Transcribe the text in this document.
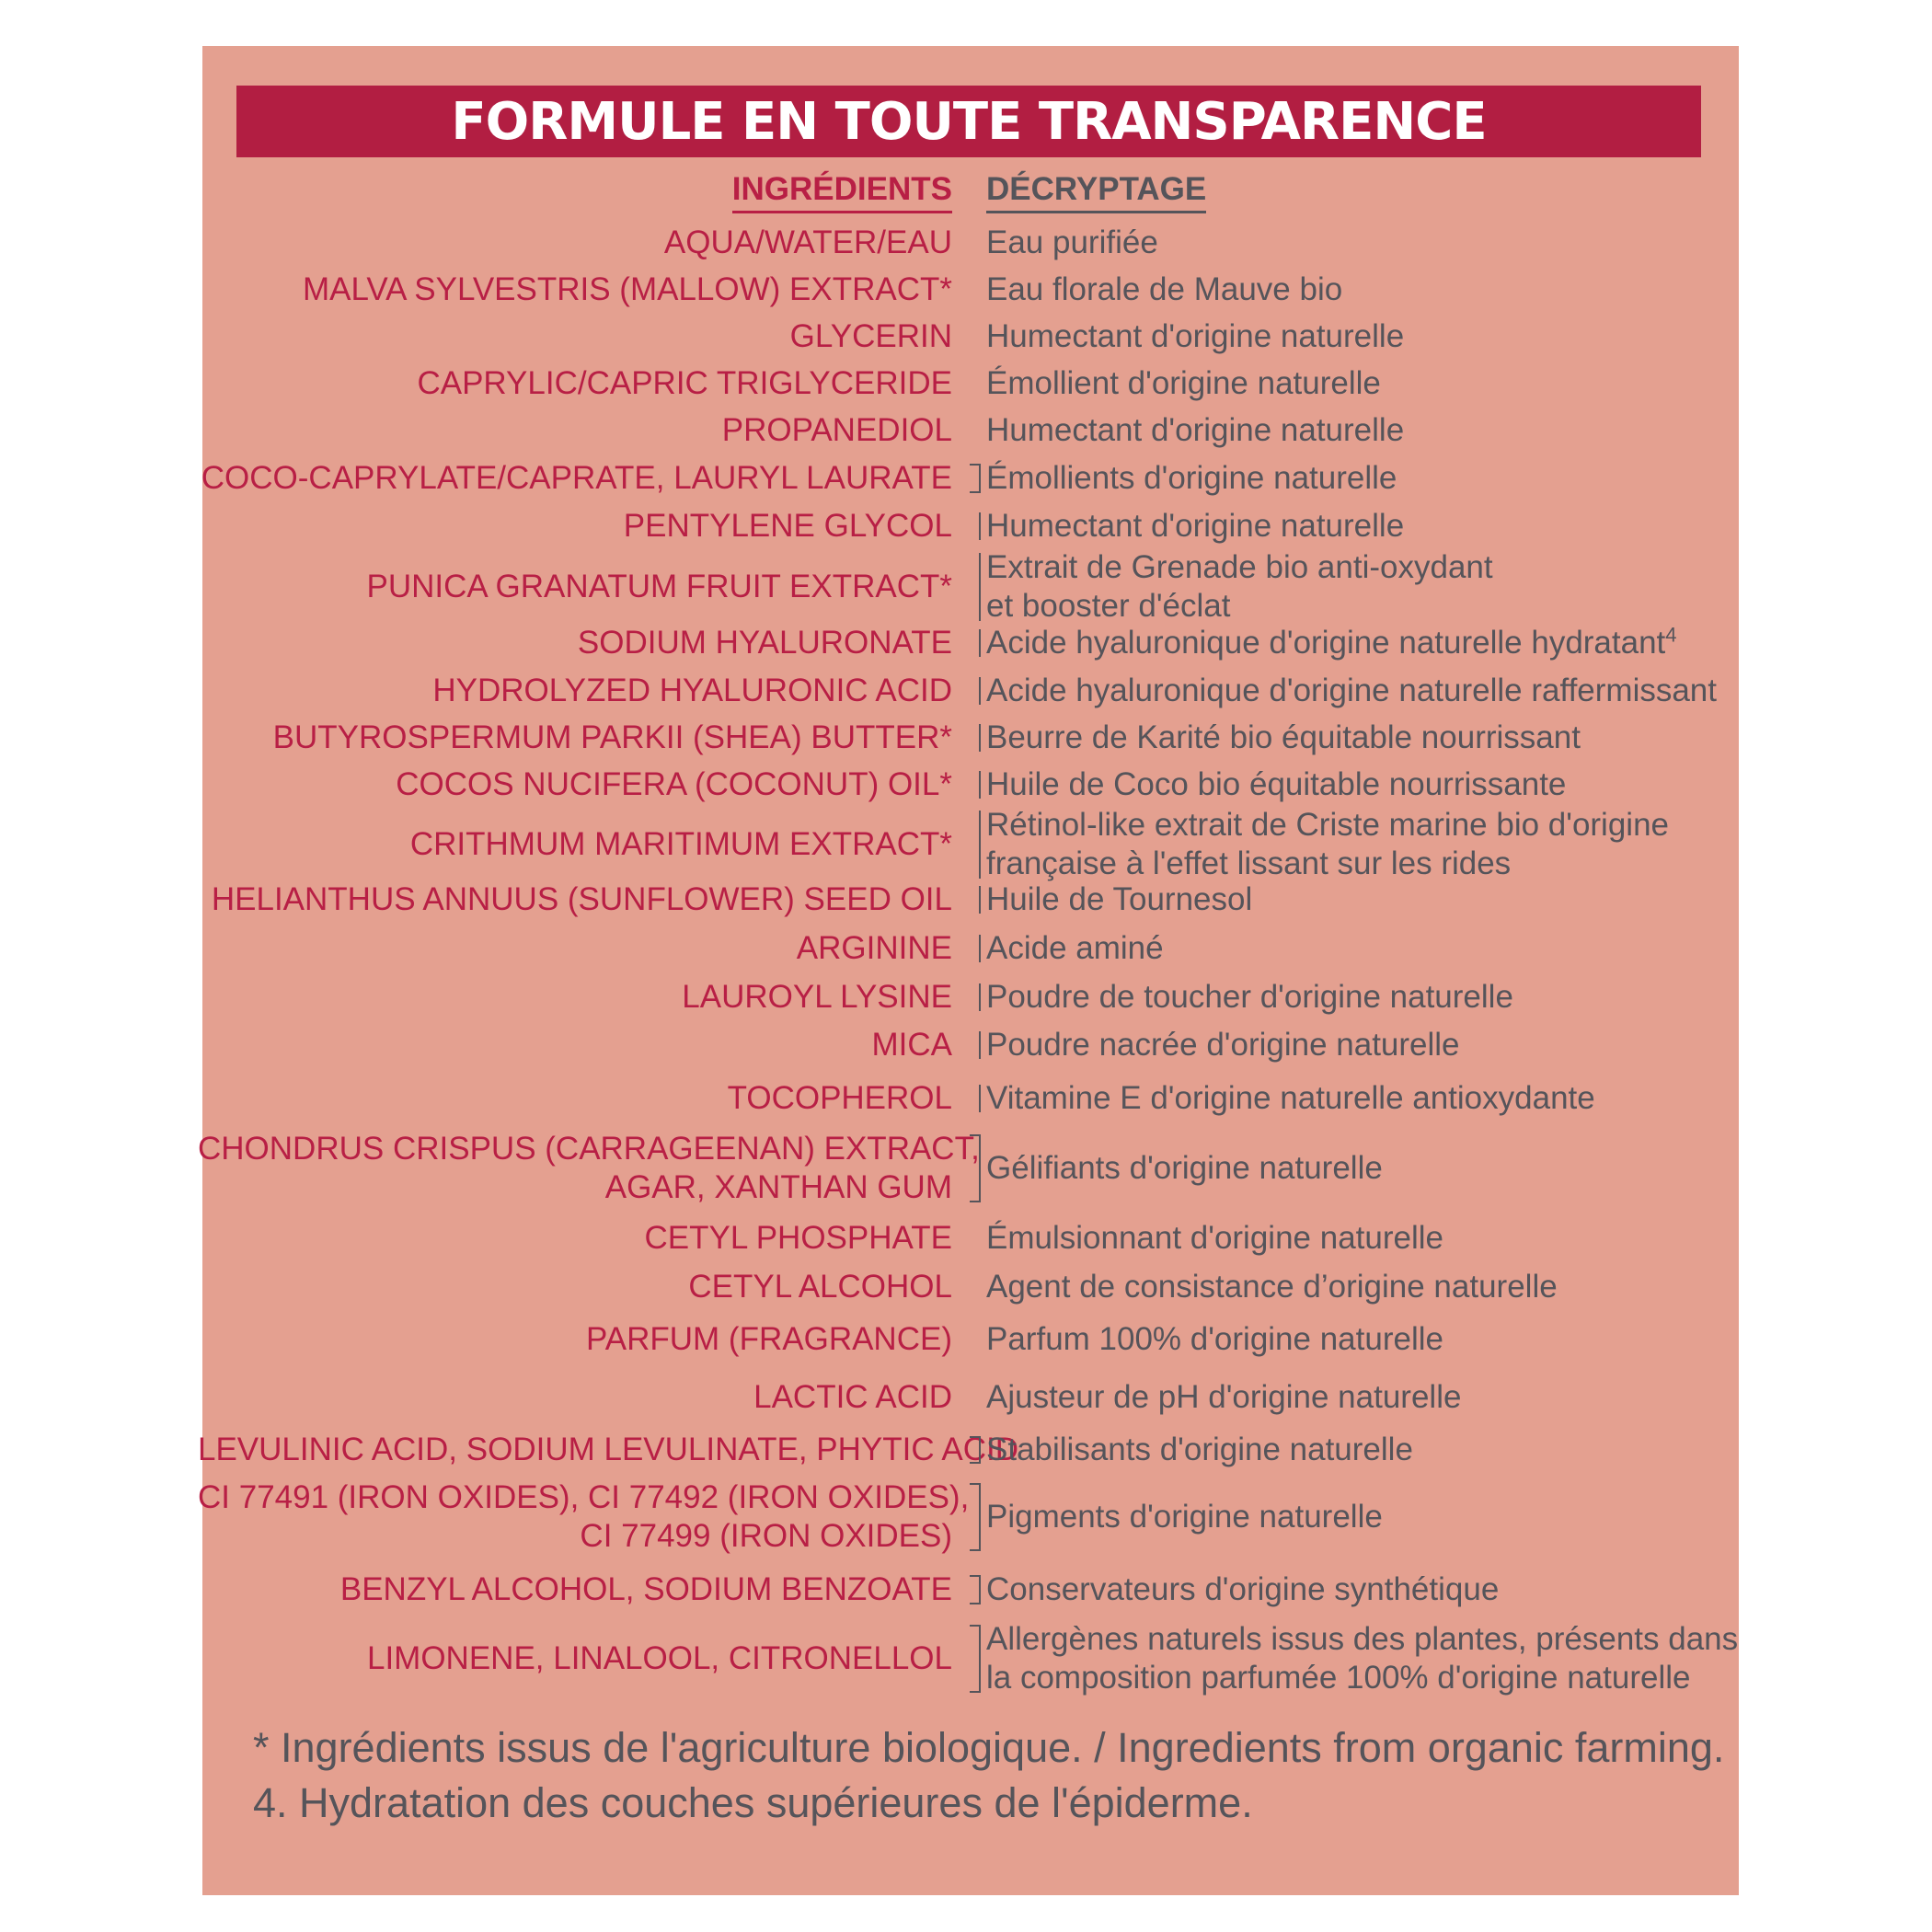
FORMULE EN TOUTE TRANSPARENCE
INGRÉDIENTS DÉCRYPTAGE
AQUA/WATER/EAU Eau purifiée
MALVA SYLVESTRIS (MALLOW) EXTRACT* Eau florale de Mauve bio
GLYCERIN Humectant d'origine naturelle
CAPRYLIC/CAPRIC TRIGLYCERIDE Émollient d'origine naturelle
PROPANEDIOL Humectant d'origine naturelle
COCO-CAPRYLATE/CAPRATE, LAURYL LAURATE Émollients d'origine naturelle
PENTYLENE GLYCOL Humectant d'origine naturelle
PUNICA GRANATUM FRUIT EXTRACT*
Extrait de Grenade bio anti-oxydant
et booster d'éclat
SODIUM HYALURONATE Acide hyaluronique d'origine naturelle hydratant$^4$
HYDROLYZED HYALURONIC ACID Acide hyaluronique d'origine naturelle raffermissant
BUTYROSPERMUM PARKII (SHEA) BUTTER* Beurre de Karité bio équitable nourrissant
COCOS NUCIFERA (COCONUT) OIL* Huile de Coco bio équitable nourrissante
CRITHMUM MARITIMUM EXTRACT*
Rétinol-like extrait de Criste marine bio d'origine
française à l'effet lissant sur les rides
HELIANTHUS ANNUUS (SUNFLOWER) SEED OIL Huile de Tournesol
ARGININE Acide aminé
LAUROYL LYSINE Poudre de toucher d'origine naturelle
MICA Poudre nacrée d'origine naturelle
TOCOPHEROL Vitamine E d'origine naturelle antioxydante
CHONDRUS CRISPUS (CARRAGEENAN) EXTRACT,
AGAR, XANTHAN GUM
Gélifiants d'origine naturelle
CETYL PHOSPHATE Émulsionnant d'origine naturelle
CETYL ALCOHOL Agent de consistance d’origine naturelle
PARFUM (FRAGRANCE) Parfum 100% d'origine naturelle
LACTIC ACID Ajusteur de pH d'origine naturelle
LEVULINIC ACID, SODIUM LEVULINATE, PHYTIC ACID
Stabilisants d'origine naturelle
CI 77491 (IRON OXIDES), CI 77492 (IRON OXIDES),
CI 77499 (IRON OXIDES)
Pigments d'origine naturelle
BENZYL ALCOHOL, SODIUM BENZOATE Conservateurs d'origine synthétique
LIMONENE, LINALOOL, CITRONELLOL
Allergènes naturels issus des plantes, présents dans
la composition parfumée 100% d'origine naturelle
* Ingrédients issus de l'agriculture biologique. / Ingredients from organic farming.
4. Hydratation des couches supérieures de l'épiderme.
